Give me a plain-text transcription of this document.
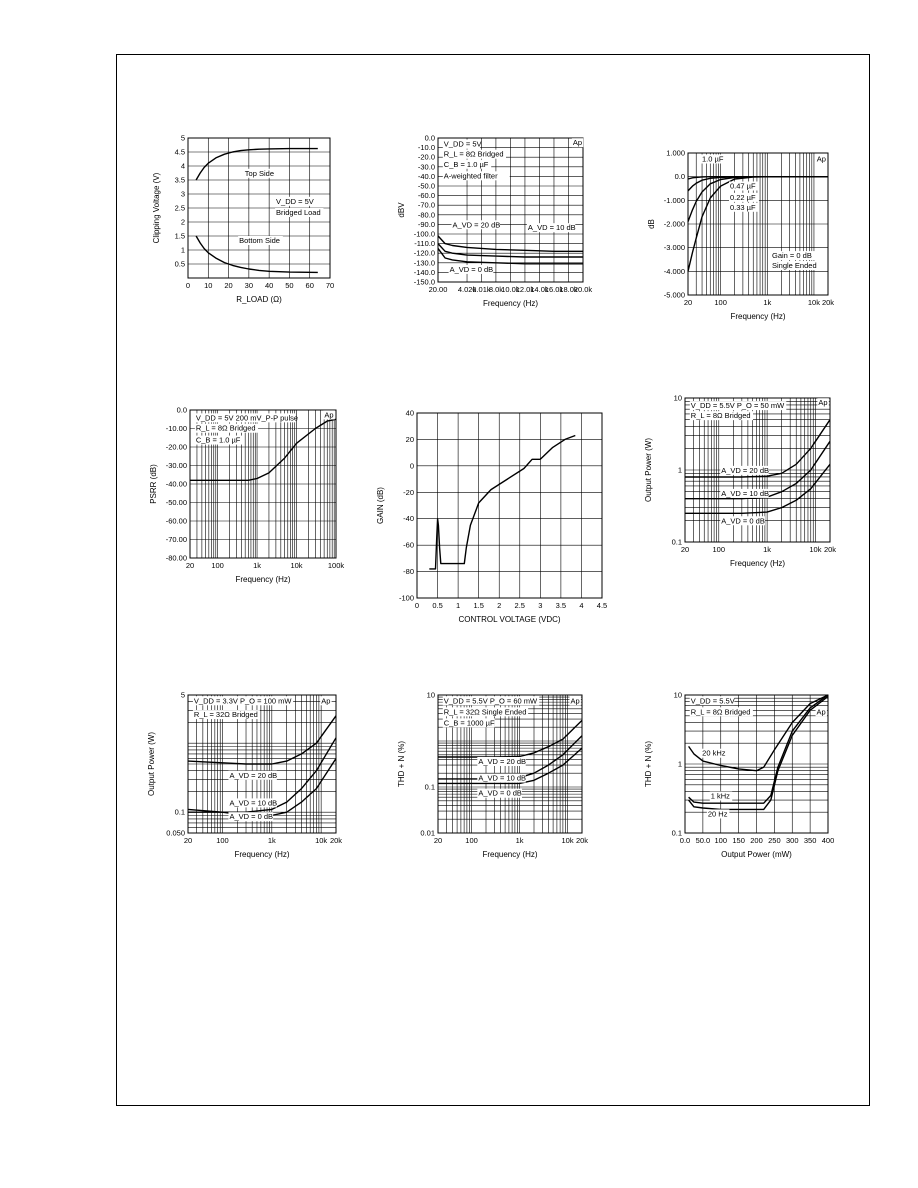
0 10 20 30 40 50 60 70
0.5
1
1.5
2
2.5
3
3.5
4
4.5
5
R_LOAD (Ω)
Clipping Voltage (V)	Top Side
V_DD = 5V
Bridged Load
Bottom Side
20.00 4.02k
6.01k
8.0k
10.0k
12.0k
14.0k
16.0k
18.0k
20.0k
0.0
-10.0
-20.0
-30.0
-40.0
-50.0
-60.0
-70.0
-80.0
-90.0
-100.0
-110.0
-120.0
-130.0
-140.0
-150.0
Frequency (Hz)
dBV
V_DD = 5V
R_L = 8Ω Bridged
C_B = 1.0 µF
A-weighted filter
A_VD = 20 dB	A_VD = 10 dB
A_VD = 0 dB
Ap
20	100	1k	10k 20k
1.000
0.0
-1.000
-2.000
-3.000
-4.000
-5.000
Frequency (Hz)
dB
1.0 µF
0.47 µF
0.22 µF
0.33 µF
Gain = 0 dB
Single Ended
Ap
20 100	1k	10k	100k
0.0
-10.00
-20.00
-30.00
-40.00
-50.00
-60.00
-70.00
-80.00
Frequency (Hz)
PSRR (dB)
V_DD = 5V 200 mV_P-P pulse
R_L = 8Ω Bridged
C_B = 1.0 µF
Ap
0 0.5 1 1.5 2 2.5 3 3.5 4 4.5
40
20
0
-20
-40
-60
-80
-100
CONTROL VOLTAGE (VDC)
GAIN (dB)
20	100	1k	10k 20k
10
1
0.1
Frequency (Hz)
Output Power (W)
V_DD = 5.5V P_O = 50 mW
R_L = 8Ω Bridged
A_VD = 20 dB
A_VD = 10 dB
A_VD = 0 dB
Ap
20	100	1k	10k 20k
5
0.1
0.050
Frequency (Hz)
Output Power (W)
V_DD = 3.3V P_O = 100 mW
R_L = 32Ω Bridged
A_VD = 20 dB
A_VD = 10 dB
A_VD = 0 dB
Ap
20	100	1k	10k 20k
10
0.1
0.01
Frequency (Hz)
THD + N (%)
V_DD = 5.5V P_O = 60 mW
R_L = 32Ω Single Ended
C_B = 1000 µF
A_VD = 20 dB
A_VD = 10 dB
A_VD = 0 dB
Ap
0.0 50.0 100 150 200 250 300 350 400
10
1
0.1
Output Power (mW)
THD + N (%)
V_DD = 5.5V
R_L = 8Ω Bridged
20 kHz
1 kHz
20 Hz
Ap
